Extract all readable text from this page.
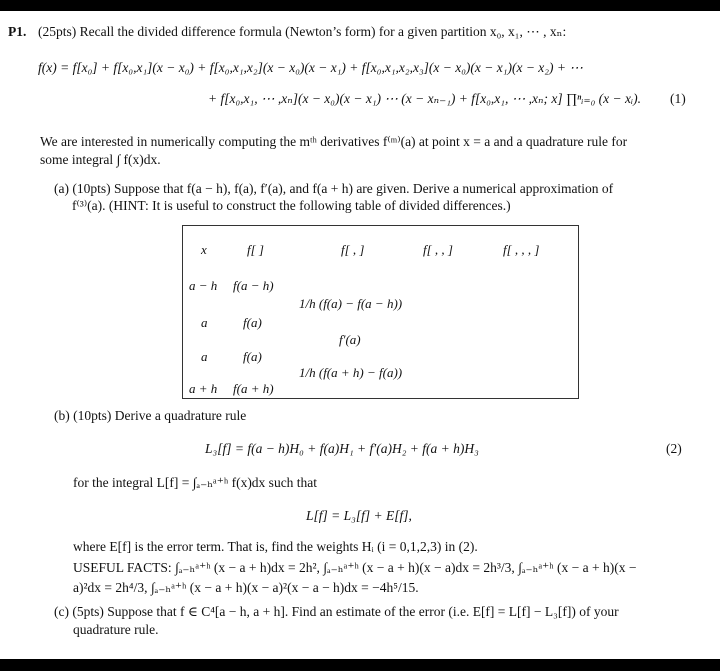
P1. (25pts) Recall the divided difference formula (Newton’s form) for a given partition x₀, x₁, ⋯ , xₙ:
f(x) = f[x₀] + f[x₀,x₁](x − x₀) + f[x₀,x₁,x₂](x − x₀)(x − x₁) + f[x₀,x₁,x₂,x₃](x − x₀)(x − x₁)(x − x₂) + ⋯
+ f[x₀,x₁, ⋯ ,xₙ](x − x₀)(x − x₁) ⋯ (x − xₙ₋₁) + f[x₀,x₁, ⋯ ,xₙ; x] ∏ⁿᵢ₌₀ (x − xᵢ). (1)
We are interested in numerically computing the mᵗʰ derivatives f⁽ᵐ⁾(a) at point x = a and a quadrature rule for
some integral ∫ f(x)dx.
(a) (10pts) Suppose that f(a − h), f(a), f′(a), and f(a + h) are given. Derive a numerical approximation of
f⁽³⁾(a). (HINT: It is useful to construct the following table of divided differences.)
x	f[ ]	f[ , ]	f[ , , ]	f[ , , , ]
a − h f(a − h)
1/h (f(a) − f(a − h))
a	f(a)
f′(a)
a	f(a)
1/h (f(a + h) − f(a))
a + h f(a + h)
(b) (10pts) Derive a quadrature rule
L₃[f] = f(a − h)H₀ + f(a)H₁ + f′(a)H₂ + f(a + h)H₃	(2)
for the integral L[f] = ∫ₐ₋ₕᵃ⁺ʰ f(x)dx such that
L[f] = L₃[f] + E[f],
where E[f] is the error term. That is, find the weights Hᵢ (i = 0,1,2,3) in (2).
USEFUL FACTS: ∫ₐ₋ₕᵃ⁺ʰ (x − a + h)dx = 2h², ∫ₐ₋ₕᵃ⁺ʰ (x − a + h)(x − a)dx = 2h³/3, ∫ₐ₋ₕᵃ⁺ʰ (x − a + h)(x −
a)²dx = 2h⁴/3, ∫ₐ₋ₕᵃ⁺ʰ (x − a + h)(x − a)²(x − a − h)dx = −4h⁵/15.
(c) (5pts) Suppose that f ∈ C⁴[a − h, a + h]. Find an estimate of the error (i.e. E[f] = L[f] − L₃[f]) of your
quadrature rule.
